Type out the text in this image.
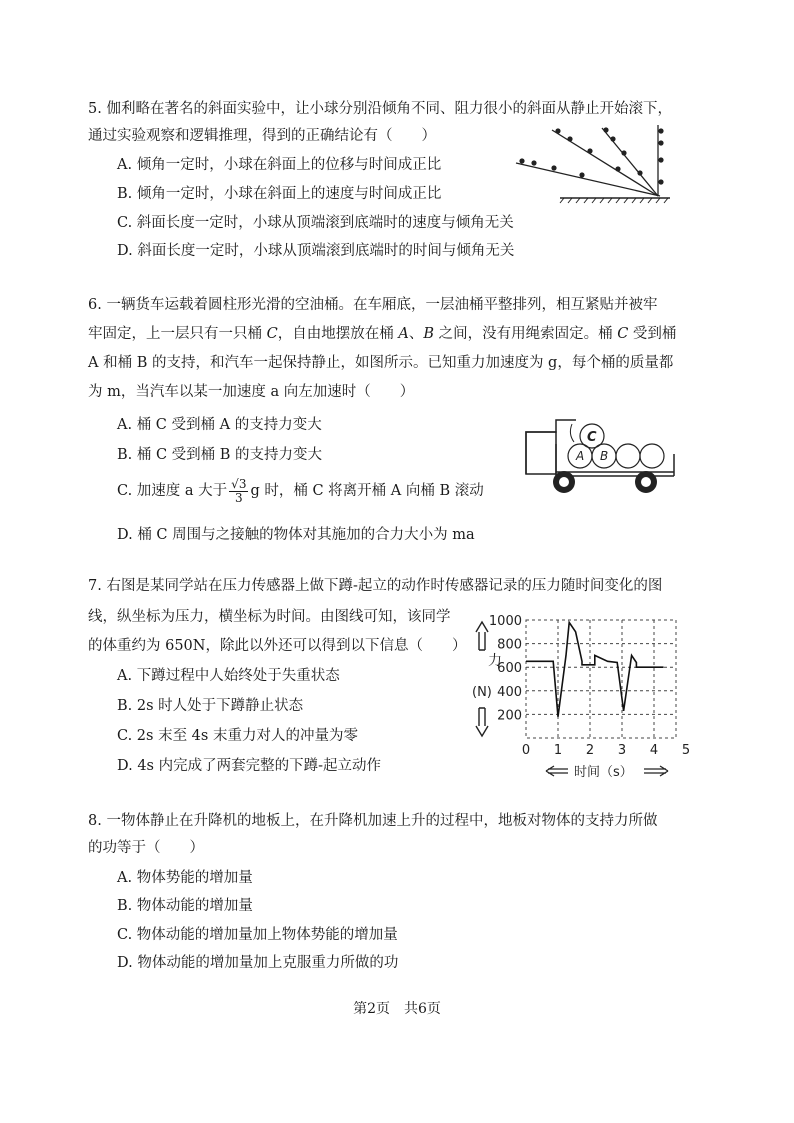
5. 伽利略在著名的斜面实验中，让小球分别沿倾角不同、阻力很小的斜面从静止开始滚下，
通过实验观察和逻辑推理，得到的正确结论有（　　）
A. 倾角一定时，小球在斜面上的位移与时间成正比
B. 倾角一定时，小球在斜面上的速度与时间成正比
C. 斜面长度一定时，小球从顶端滚到底端时的速度与倾角无关
D. 斜面长度一定时，小球从顶端滚到底端时的时间与倾角无关
6. 一辆货车运载着圆柱形光滑的空油桶。在车厢底，一层油桶平整排列，相互紧贴并被牢
牢固定，上一层只有一只桶 C，自由地摆放在桶 A、B 之间，没有用绳索固定。桶 C 受到桶
A 和桶 B 的支持，和汽车一起保持静止，如图所示。已知重力加速度为 g，每个桶的质量都
为 m，当汽车以某一加速度 a 向左加速时（　　）
A. 桶 C 受到桶 A 的支持力变大
B. 桶 C 受到桶 B 的支持力变大
C. 加速度 a 大于 $\frac{√3}{3}$ g 时，桶 C 将离开桶 A 向桶 B 滚动
D. 桶 C 周围与之接触的物体对其施加的合力大小为 ma
C
A B
7. 右图是某同学站在压力传感器上做下蹲-起立的动作时传感器记录的压力随时间变化的图
线，纵坐标为压力，横坐标为时间。由图线可知，该同学
的体重约为 650N，除此以外还可以得到以下信息（　　）
A. 下蹲过程中人始终处于失重状态
B. 2s 时人处于下蹲静止状态
C. 2s 末至 4s 末重力对人的冲量为零
D. 4s 内完成了两套完整的下蹲-起立动作
力
(N)
1000
800
600
400
200
0 1 2 3 4 5
时间（s）
8. 一物体静止在升降机的地板上，在升降机加速上升的过程中，地板对物体的支持力所做
的功等于（　　）
A. 物体势能的增加量
B. 物体动能的增加量
C. 物体动能的增加量加上物体势能的增加量
D. 物体动能的增加量加上克服重力所做的功
第2页　共6页
